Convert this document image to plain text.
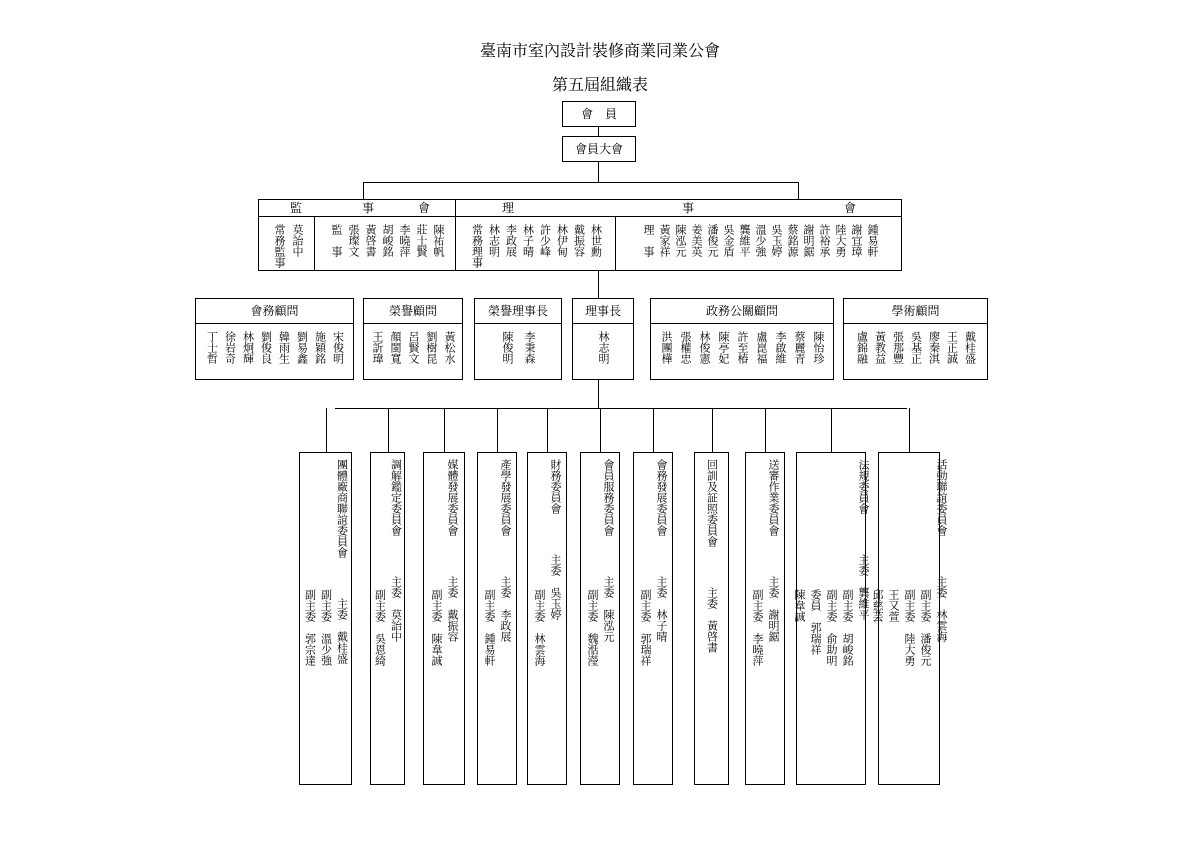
臺南市室內設計裝修商業同業公會
第五屆組織表
會　員
會員大會
監	事	會	理	事	會
莫詒中
常務監事	陳祐帆
莊士賢
李曉萍
胡峻銘
黃啓書
張璨文
監　事	林世勳
戴振容
林伊甸
許少峰
林子晴
李政展
林志明
常務理事	鍾易軒
謝宜璋
陸大勇
許裕承
謝明鋸
蔡銘源
吳玉婷
溫少強
龔維平
吳金盾
潘俊元
姜美英
陳泓元
黃家祥
理　事
會務顧問
宋俊明
施穎銘
劉易鑫
韓雨生
劉俊良
林炯輝
徐岩奇
丁士哲
榮譽顧問
黃松水
劉樹昆
呂賢文
顏閩寬
王訢瑋
榮譽理事長
李秉森
陳俊明
理事長
林志明
政務公關顧問
陳怡珍
蔡麗青
李啟維
盧崑福
許至椿
陳亭妃
林俊憲
張權忠
洪團樺
學術顧問
戴桂盛
王正誠
廖秦淇
吳基正
張那豐
黃教益
盧錦融
團體廠商聯誼委員會
主委　戴桂盛
副主委　溫少強
副主委　郭宗達
調解鑑定委員會
主委　莫詒中
副主委　吳恩綺
媒體發展委員會
主委　戴振容
副主委　陳韋誠
產學發展委員會
主委　李政展
副主委　鍾易軒
財務委員會
主委　吳玉婷
副主委　林雲海
會員服務委員會
主委　陳泓元
副主委　魏湉瀅
會務發展委員會
主委　林子晴
副主委　郭瑞祥
回訓及証照委員會
主委　黃啓書
送審作業委員會
主委　謝明鋸
副主委　李曉萍
法規委員會
主委　龔維平
副主委　胡峻銘
副主委　俞助明
委員　郭瑞祥
陳韋誠
活動聯誼委員會
主委　林雲海
副主委　潘俊元
副主委　陸大勇
王又萱
邱慈芸
